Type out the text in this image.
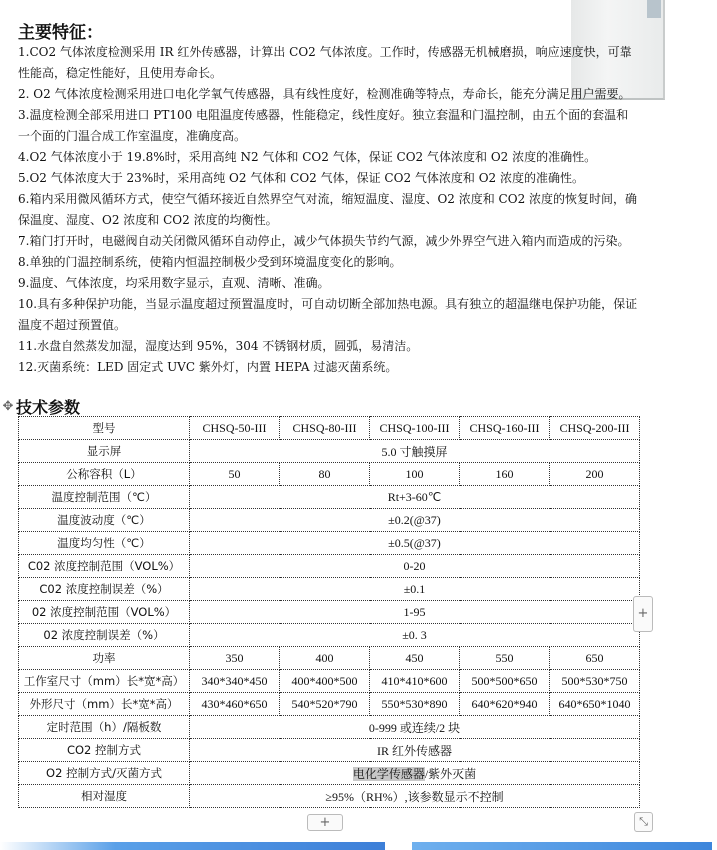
主要特征：
1.CO2 气体浓度检测采用 IR 红外传感器，计算出 CO2 气体浓度。工作时，传感器无机械磨损，响应速度快，可靠性能高，稳定性能好，且使用寿命长。
2. O2 气体浓度检测采用进口电化学氧气传感器，具有线性度好，检测准确等特点，寿命长，能充分满足用户需要。
3.温度检测全部采用进口 PT100 电阻温度传感器，性能稳定，线性度好。独立套温和门温控制，由五个面的套温和一个面的门温合成工作室温度，准确度高。
4.O2 气体浓度小于 19.8%时，采用高纯 N2 气体和 CO2 气体，保证 CO2 气体浓度和 O2 浓度的准确性。
5.O2 气体浓度大于 23%时，采用高纯 O2 气体和 CO2 气体，保证 CO2 气体浓度和 O2 浓度的准确性。
6.箱内采用微风循环方式，使空气循环接近自然界空气对流，缩短温度、湿度、O2 浓度和 CO2 浓度的恢复时间，确保温度、湿度、O2 浓度和 CO2 浓度的均衡性。
7.箱门打开时，电磁阀自动关闭微风循环自动停止，减少气体损失节约气源，减少外界空气进入箱内而造成的污染。
8.单独的门温控制系统，使箱内恒温控制极少受到环境温度变化的影响。
9.温度、气体浓度，均采用数字显示，直观、清晰、准确。
10.具有多种保护功能，当显示温度超过预置温度时，可自动切断全部加热电源。具有独立的超温继电保护功能，保证温度不超过预置值。
11.水盘自然蒸发加湿，湿度达到 95%，304 不锈钢材质，圆弧，易清洁。
12.灭菌系统：LED 固定式 UVC 紫外灯，内置 HEPA 过滤灭菌系统。
✥ 技术参数
型号	CHSQ-50-III	CHSQ-80-III	CHSQ-100-III	CHSQ-160-III	CHSQ-200-III
显示屏	5.0 寸触摸屏				
公称容积（L）	50	80	100	160	200
温度控制范围（℃）	Rt+3-60℃				
温度波动度（℃）	±0.2(@37)				
温度均匀性（℃）	±0.5(@37)				
C02 浓度控制范围（VOL%）	0-20				
C02 浓度控制误差（%）	±0.1				
02 浓度控制范围（VOL%）	1-95				
02 浓度控制误差（%）	±0. 3				
功率	350	400	450	550	650
工作室尺寸（mm）长*宽*高）	340*340*450	400*400*500	410*410*600	500*500*650	500*530*750
外形尺寸（mm）长*宽*高）	430*460*650	540*520*790	550*530*890	640*620*940	640*650*1040
定时范围（h）/隔板数	0-999 或连续/2 块				
CO2 控制方式	IR 红外传感器				
O2 控制方式/灭菌方式	电化学传感器/紫外灭菌				
相对湿度	≥95%（RH%）,该参数显示不控制				
+
+	⤡
